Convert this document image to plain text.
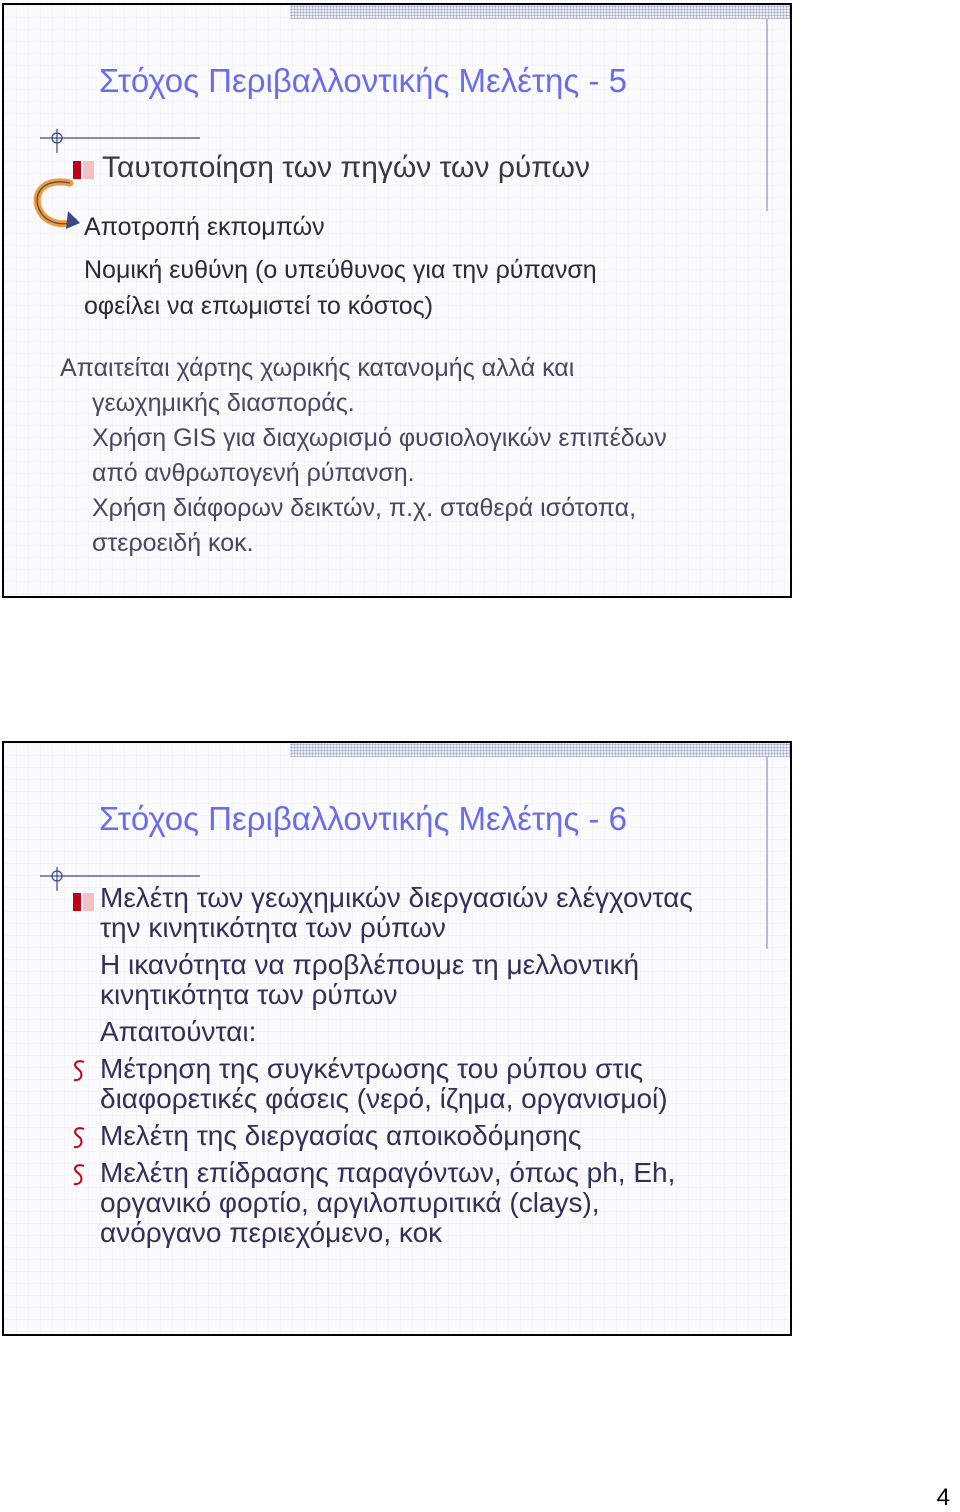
Στόχος Περιβαλλοντικής Μελέτης - 5

Ταυτοποίηση των πηγών των ρύπων

Αποτροπή εκπομπών

Νομική ευθύνη (ο υπεύθυνος για την ρύπανση

οφείλει να επωμιστεί το κόστος)

Απαιτείται χάρτης χωρικής κατανομής αλλά και

γεωχημικής διασποράς.

Χρήση GIS για διαχωρισμό φυσιολογικών επιπέδων

από ανθρωπογενή ρύπανση.

Χρήση διάφορων δεικτών, π.χ. σταθερά ισότοπα,

στεροειδή κοκ.

Στόχος Περιβαλλοντικής Μελέτης - 6

Μελέτη των γεωχημικών διεργασιών ελέγχοντας

την κινητικότητα των ρύπων

Η ικανότητα να προβλέπουμε τη μελλοντική

κινητικότητα των ρύπων

Απαιτούνται:

Μέτρηση της συγκέντρωσης του ρύπου στις

διαφορετικές φάσεις (νερό, ίζημα, οργανισμοί)

Μελέτη της διεργασίας αποικοδόμησης

Μελέτη επίδρασης παραγόντων, όπως ph, Eh,

οργανικό φορτίο, αργιλοπυριτικά (clays),

ανόργανο περιεχόμενο, κοκ

4
